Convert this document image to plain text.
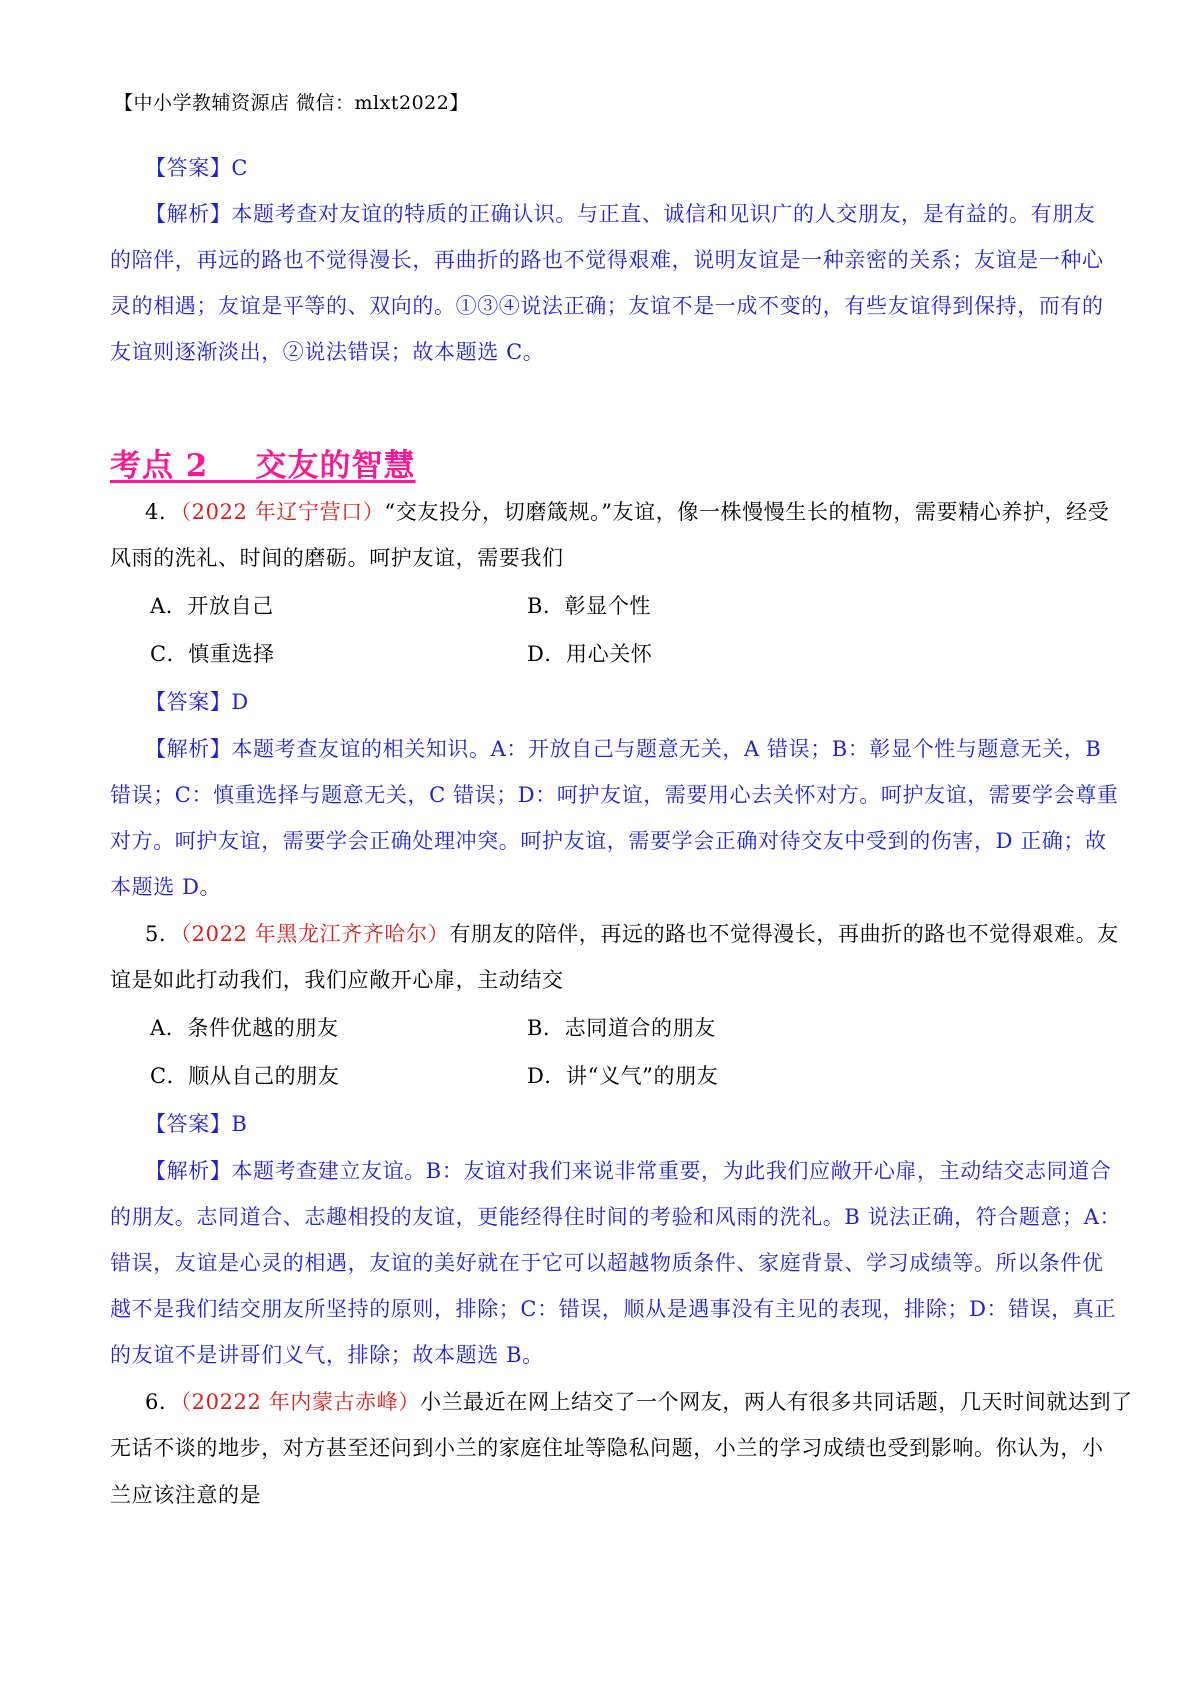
【中小学教辅资源店 微信：mlxt2022】
【答案】C
【解析】本题考查对友谊的特质的正确认识。与正直、诚信和见识广的人交朋友，是有益的。有朋友
的陪伴，再远的路也不觉得漫长，再曲折的路也不觉得艰难，说明友谊是一种亲密的关系；友谊是一种心
灵的相遇；友谊是平等的、双向的。①③④说法正确；友谊不是一成不变的，有些友谊得到保持，而有的
友谊则逐渐淡出，②说法错误；故本题选 C。
考点 2    交友的智慧
4．（2022 年辽宁营口）“交友投分，切磨箴规。”友谊，像一株慢慢生长的植物，需要精心养护，经受
风雨的洗礼、时间的磨砺。呵护友谊，需要我们
A．开放自己	B．彰显个性
C．慎重选择	D．用心关怀
【答案】D
【解析】本题考查友谊的相关知识。A：开放自己与题意无关，A 错误；B：彰显个性与题意无关，B
错误；C：慎重选择与题意无关，C 错误；D：呵护友谊，需要用心去关怀对方。呵护友谊，需要学会尊重
对方。呵护友谊，需要学会正确处理冲突。呵护友谊，需要学会正确对待交友中受到的伤害，D 正确；故
本题选 D。
5．（2022 年黑龙江齐齐哈尔）有朋友的陪伴，再远的路也不觉得漫长，再曲折的路也不觉得艰难。友
谊是如此打动我们，我们应敞开心扉，主动结交
A．条件优越的朋友	B．志同道合的朋友
C．顺从自己的朋友	D．讲“义气”的朋友
【答案】B
【解析】本题考查建立友谊。B：友谊对我们来说非常重要，为此我们应敞开心扉，主动结交志同道合
的朋友。志同道合、志趣相投的友谊，更能经得住时间的考验和风雨的洗礼。B 说法正确，符合题意；A：
错误，友谊是心灵的相遇，友谊的美好就在于它可以超越物质条件、家庭背景、学习成绩等。所以条件优
越不是我们结交朋友所坚持的原则，排除；C：错误，顺从是遇事没有主见的表现，排除；D：错误，真正
的友谊不是讲哥们义气，排除；故本题选 B。
6．（20222 年内蒙古赤峰）小兰最近在网上结交了一个网友，两人有很多共同话题，几天时间就达到了
无话不谈的地步，对方甚至还问到小兰的家庭住址等隐私问题，小兰的学习成绩也受到影响。你认为，小
兰应该注意的是
